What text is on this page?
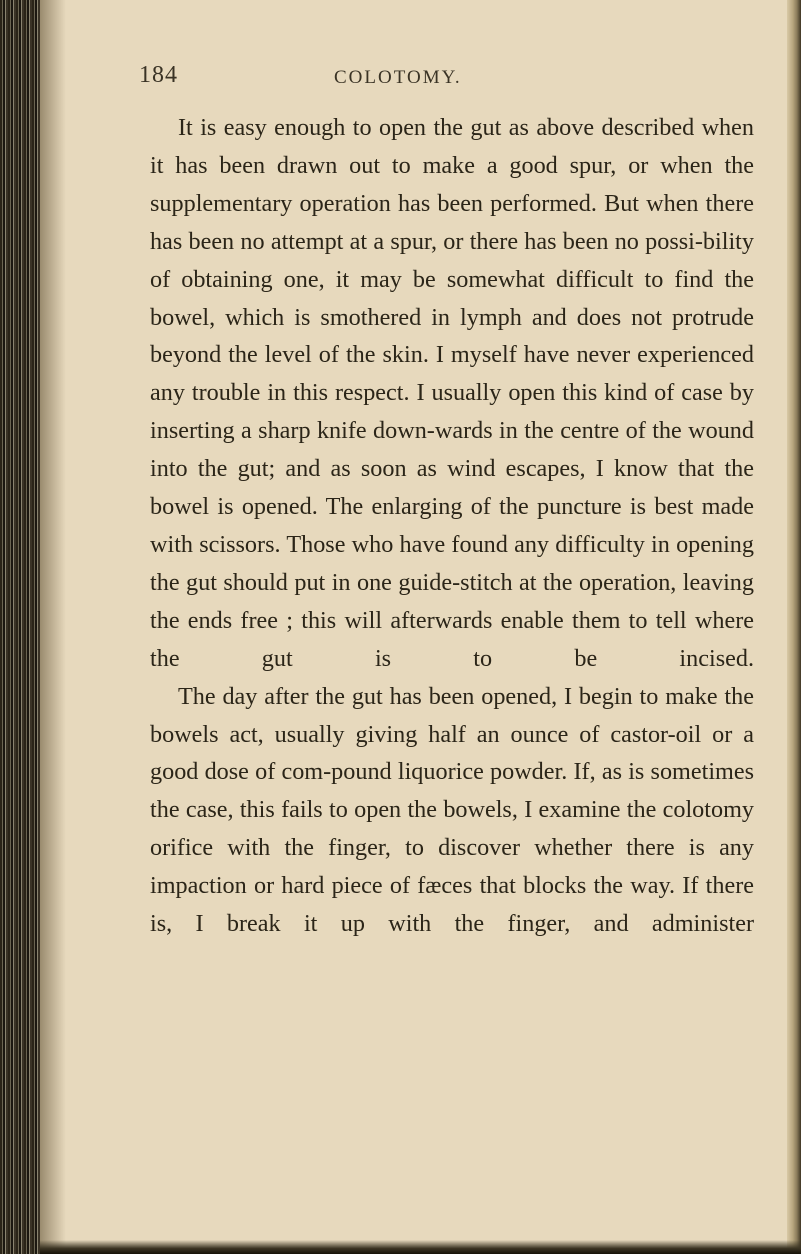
184	COLOTOMY.

It is easy enough to open the gut as above described when it has been drawn out to make a good spur, or when the supplementary operation has been performed. But when there has been no attempt at a spur, or there has been no possi-bility of obtaining one, it may be somewhat difficult to find the bowel, which is smothered in lymph and does not protrude beyond the level of the skin. I myself have never experienced any trouble in this respect. I usually open this kind of case by inserting a sharp knife down-wards in the centre of the wound into the gut; and as soon as wind escapes, I know that the bowel is opened. The enlarging of the puncture is best made with scissors. Those who have found any difficulty in opening the gut should put in one guide-stitch at the operation, leaving the ends free ; this will afterwards enable them to tell where the gut is to be incised.

The day after the gut has been opened, I begin to make the bowels act, usually giving half an ounce of castor-oil or a good dose of com-pound liquorice powder. If, as is sometimes the case, this fails to open the bowels, I examine the colotomy orifice with the finger, to discover whether there is any impaction or hard piece of fæces that blocks the way. If there is, I break it up with the finger, and administer
